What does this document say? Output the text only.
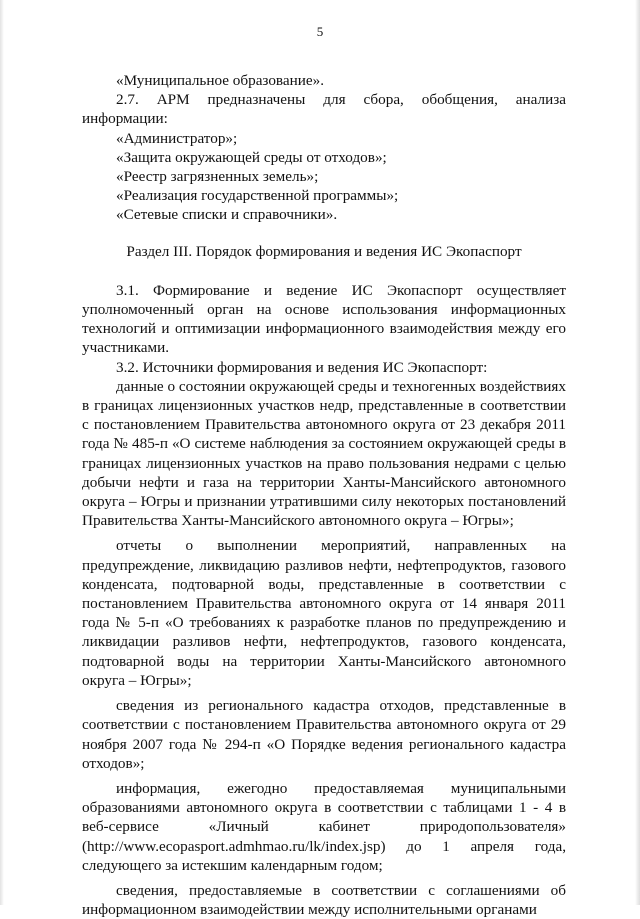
5

«Муниципальное образование».

2.7. АРМ предназначены для сбора, обобщения, анализа информации:

«Администратор»;

«Защита окружающей среды от отходов»;

«Реестр загрязненных земель»;

«Реализация государственной программы»;

«Сетевые списки и справочники».

Раздел III. Порядок формирования и ведения ИС Экопаспорт

3.1. Формирование и ведение ИС Экопаспорт осуществляет уполномоченный орган на основе использования информационных технологий и оптимизации информационного взаимодействия между его участниками.

3.2. Источники формирования и ведения ИС Экопаспорт:

данные о состоянии окружающей среды и техногенных воздействиях в границах лицензионных участков недр, представленные в соответствии с постановлением Правительства автономного округа от 23 декабря 2011 года № 485-п «О системе наблюдения за состоянием окружающей среды в границах лицензионных участков на право пользования недрами с целью добычи нефти и газа на территории Ханты-Мансийского автономного округа – Югры и признании утратившими силу некоторых постановлений Правительства Ханты-Мансийского автономного округа – Югры»;

отчеты о выполнении мероприятий, направленных на предупреждение, ликвидацию разливов нефти, нефтепродуктов, газового конденсата, подтоварной воды, представленные в соответствии с постановлением Правительства автономного округа от 14 января 2011 года № 5-п «О требованиях к разработке планов по предупреждению и ликвидации разливов нефти, нефтепродуктов, газового конденсата, подтоварной воды на территории Ханты-Мансийского автономного округа – Югры»;

сведения из регионального кадастра отходов, представленные в соответствии с постановлением Правительства автономного округа от 29 ноября 2007 года № 294-п «О Порядке ведения регионального кадастра отходов»;

информация, ежегодно предоставляемая муниципальными образованиями автономного округа в соответствии с таблицами 1 - 4 в веб-сервисе «Личный кабинет природопользователя» (http://www.ecopasport.admhmao.ru/lk/index.jsp) до 1 апреля года, следующего за истекшим календарным годом;

сведения, предоставляемые в соответствии с соглашениями об информационном взаимодействии между исполнительными органами
